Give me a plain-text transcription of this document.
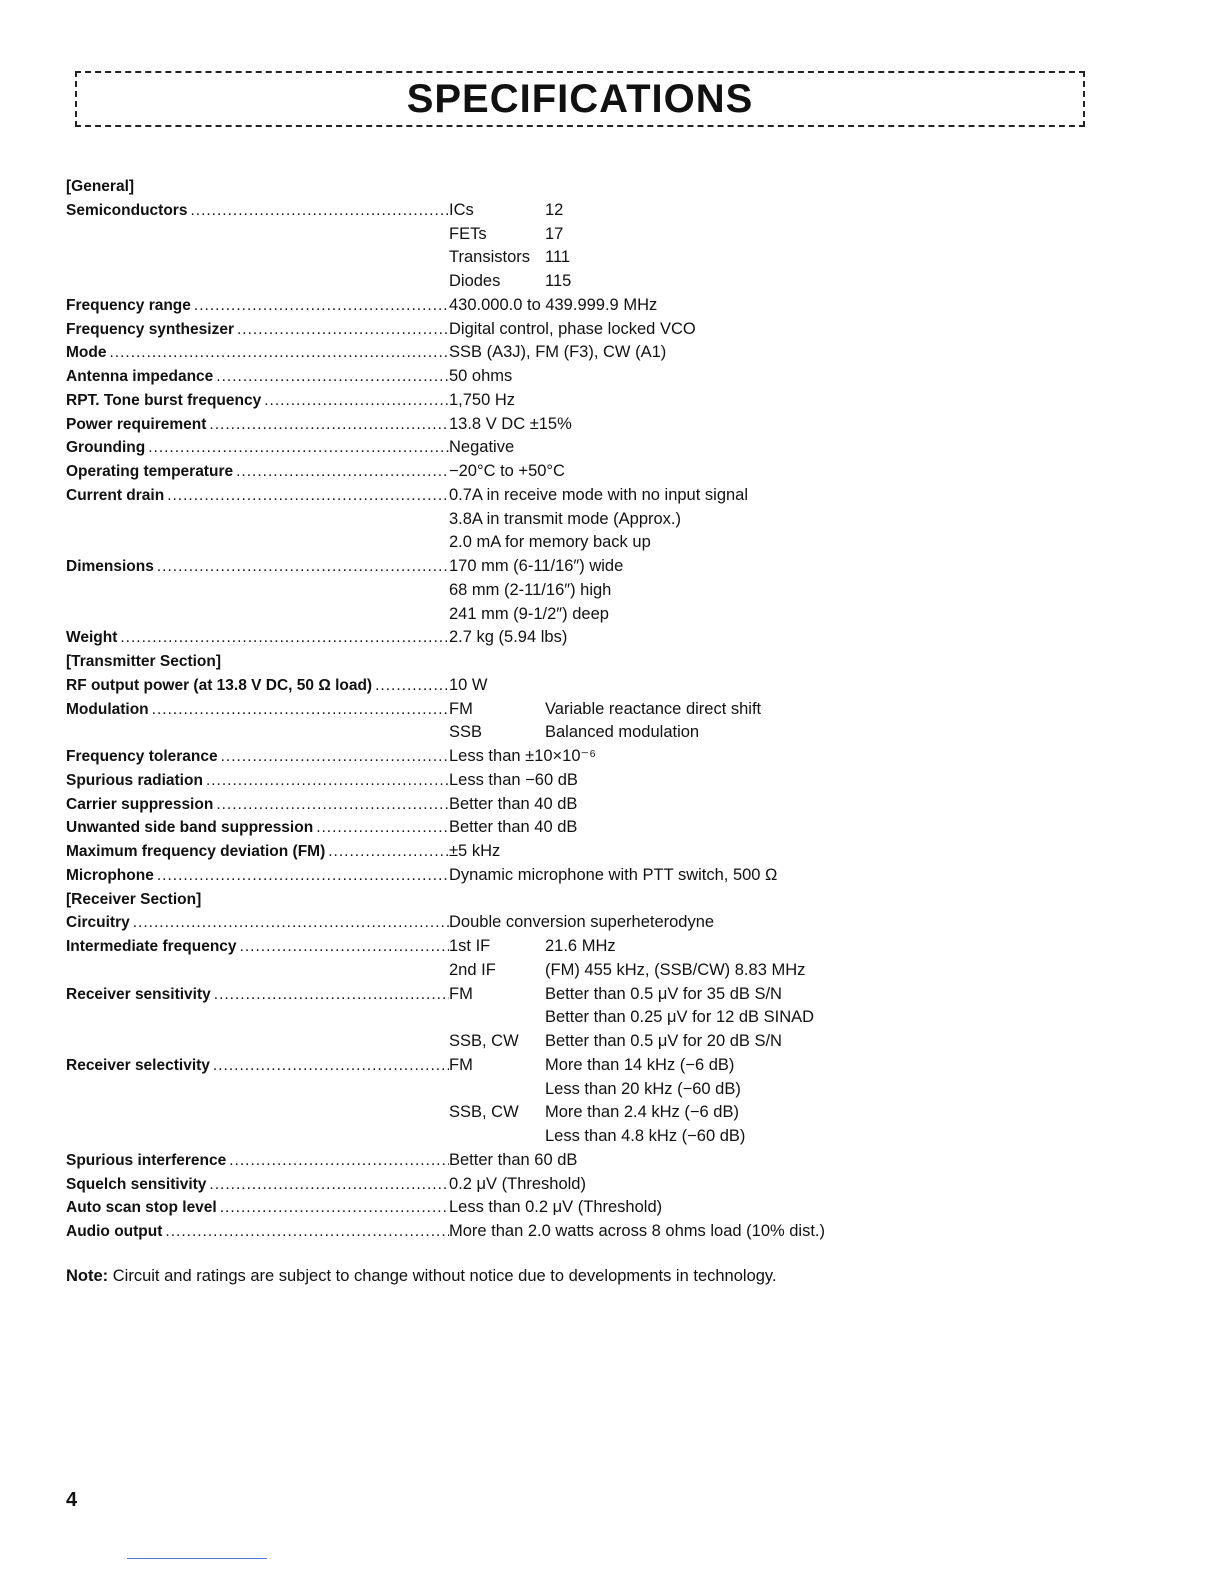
SPECIFICATIONS
[General]
Semiconductors .....	ICs	12
FETs	17
Transistors 111
Diodes	115
Frequency range .....	430.000.0 to 439.999.9 MHz
Frequency synthesizer .....	Digital control, phase locked VCO
Mode .....	SSB (A3J), FM (F3), CW (A1)
Antenna impedance .....	50 ohms
RPT. Tone burst frequency .....	1,750 Hz
Power requirement .....	13.8 V DC ±15%
Grounding .....	Negative
Operating temperature .....	−20°C to +50°C
Current drain .....	0.7A in receive mode with no input signal
3.8A in transmit mode (Approx.)
2.0 mA for memory back up
Dimensions .....	170 mm (6-11/16″) wide
68 mm (2-11/16″) high
241 mm (9-1/2″) deep
Weight .....	2.7 kg (5.94 lbs)
[Transmitter Section]
RF output power (at 13.8 V DC, 50 Ω load) .....	10 W
Modulation .....	FM	Variable reactance direct shift
SSB	Balanced modulation
Frequency tolerance .....	Less than ±10×10⁻⁶
Spurious radiation .....	Less than −60 dB
Carrier suppression .....	Better than 40 dB
Unwanted side band suppression .....	Better than 40 dB
Maximum frequency deviation (FM) .....	±5 kHz
Microphone .....	Dynamic microphone with PTT switch, 500 Ω
[Receiver Section]
Circuitry .....	Double conversion superheterodyne
Intermediate frequency .....	1st IF	21.6 MHz
2nd IF	(FM) 455 kHz, (SSB/CW) 8.83 MHz
Receiver sensitivity .....	FM	Better than 0.5 μV for 35 dB S/N
Better than 0.25 μV for 12 dB SINAD
SSB, CW	Better than 0.5 μV for 20 dB S/N
Receiver selectivity .....	FM	More than 14 kHz (−6 dB)
Less than 20 kHz (−60 dB)
SSB, CW	More than 2.4 kHz (−6 dB)
Less than 4.8 kHz (−60 dB)
Spurious interference .....	Better than 60 dB
Squelch sensitivity .....	0.2 μV (Threshold)
Auto scan stop level .....	Less than 0.2 μV (Threshold)
Audio output .....	More than 2.0 watts across 8 ohms load (10% dist.)
Note: Circuit and ratings are subject to change without notice due to developments in technology.
4
